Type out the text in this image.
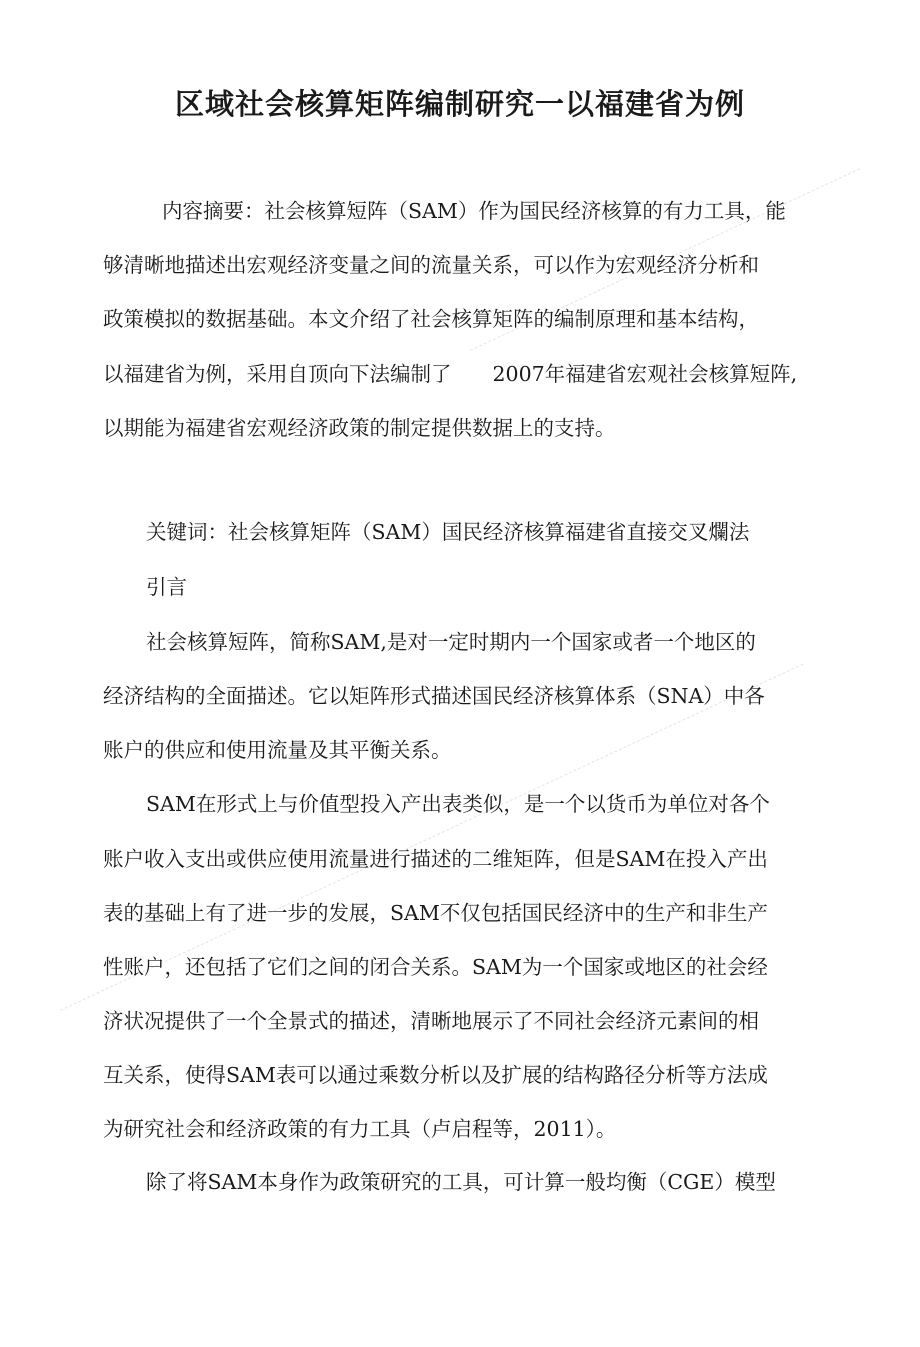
区域社会核算矩阵编制研究一以福建省为例

内容摘要：社会核算短阵（SAM）作为国民经济核算的有力工具，能

够清晰地描述出宏观经济变量之间的流量关系，可以作为宏观经济分析和

政策模拟的数据基础。本文介绍了社会核算矩阵的编制原理和基本结构，

以福建省为例，采用自顶向下法编制了　　2007年福建省宏观社会核算短阵,

以期能为福建省宏观经济政策的制定提供数据上的支持。

关键词：社会核算矩阵（SAM）国民经济核算福建省直接交叉爛法

引言

社会核算短阵，简称SAM,是对一定时期内一个国家或者一个地区的

经济结构的全面描述。它以矩阵形式描述国民经济核算体系（SNA）中各

账户的供应和使用流量及其平衡关系。

SAM在形式上与价值型投入产出表类似，是一个以货币为单位对各个

账户收入支出或供应使用流量进行描述的二维矩阵，但是SAM在投入产出

表的基础上有了进一步的发展，SAM不仅包括国民经济中的生产和非生产

性账户，还包括了它们之间的闭合关系。SAM为一个国家或地区的社会经

济状况提供了一个全景式的描述，清晰地展示了不同社会经济元素间的相

互关系，使得SAM表可以通过乘数分析以及扩展的结构路径分析等方法成

为研究社会和经济政策的有力工具（卢启程等，2011）。

除了将SAM本身作为政策研究的工具，可计算一般均衡（CGE）模型
